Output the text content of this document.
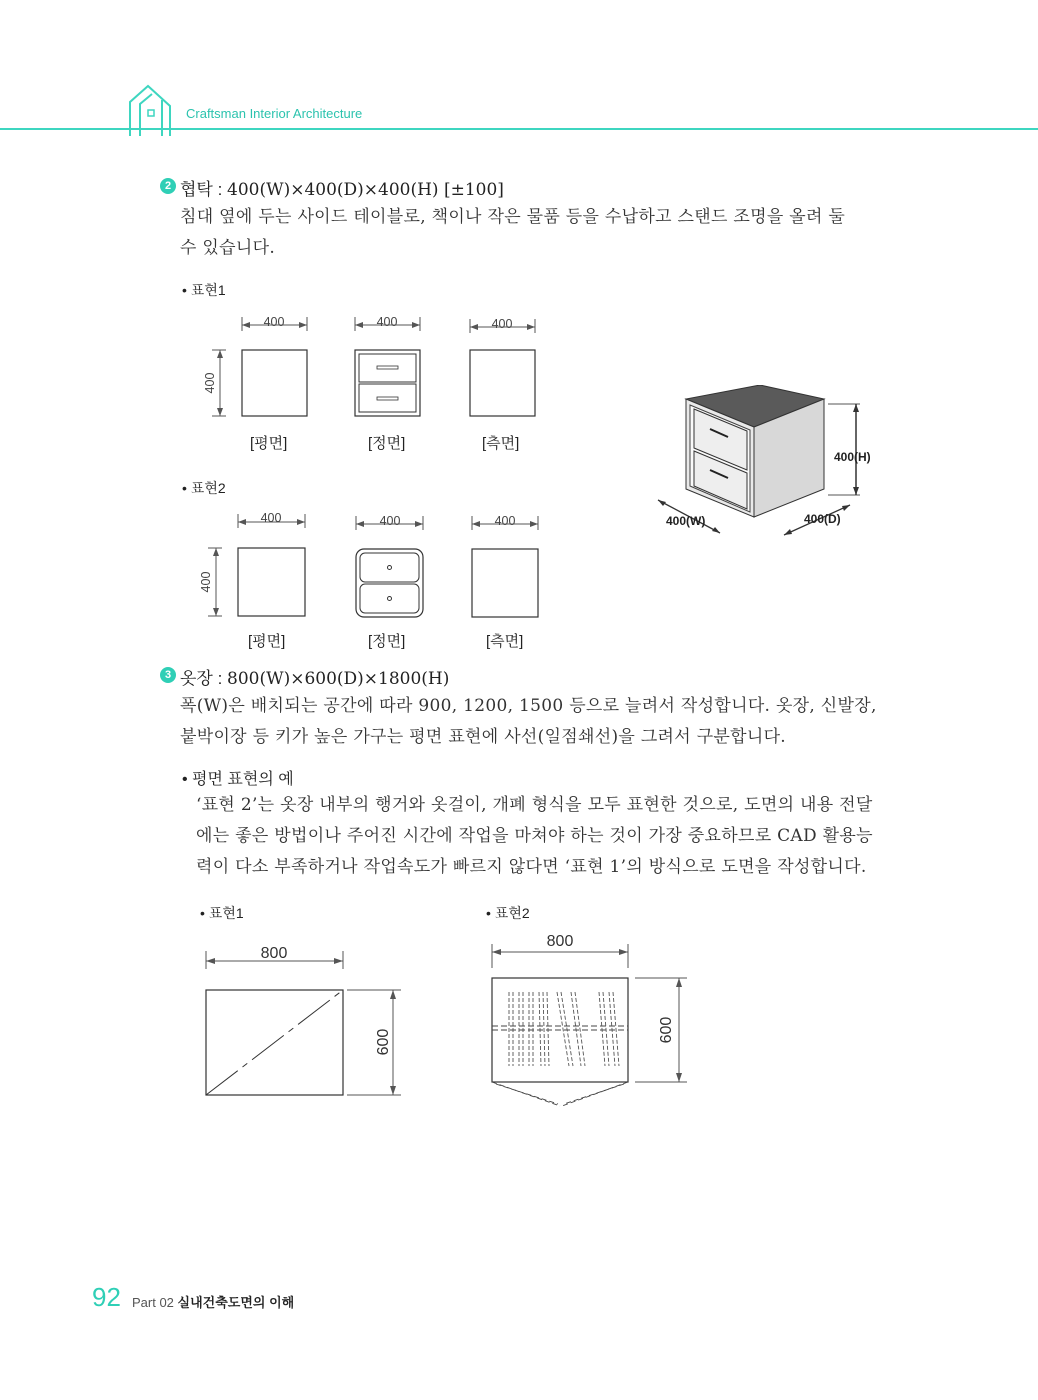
Craftsman Interior Architecture
2 협탁 : 400(W)×400(D)×400(H) [±100]
침대 옆에 두는 사이드 테이블로, 책이나 작은 물품 등을 수납하고 스탠드 조명을 올려 둘
수 있습니다.
• 표현1
• 표현2
400
400
400	400
[평면]	[정면]	[측면]
400
400
400	400
[평면]	[정면]	[측면]
400(H)
400(W)	400(D)
3 옷장 : 800(W)×600(D)×1800(H)
폭(W)은 배치되는 공간에 따라 900, 1200, 1500 등으로 늘려서 작성합니다. 옷장, 신발장,
붙박이장 등 키가 높은 가구는 평면 표현에 사선(일점쇄선)을 그려서 구분합니다.
• 평면 표현의 예
‘표현 2’는 옷장 내부의 행거와 옷걸이, 개폐 형식을 모두 표현한 것으로, 도면의 내용 전달
에는 좋은 방법이나 주어진 시간에 작업을 마쳐야 하는 것이 가장 중요하므로 CAD 활용능
력이 다소 부족하거나 작업속도가 빠르지 않다면 ‘표현 1’의 방식으로 도면을 작성합니다.
• 표현1	• 표현2
800
600
800
600
92 Part 02 실내건축도면의 이해
